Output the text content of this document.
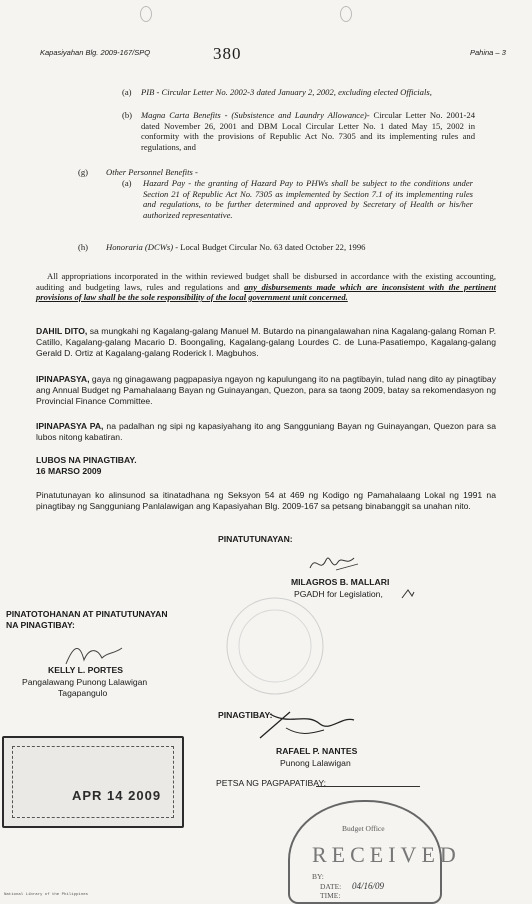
Kapasiyahan Blg. 2009-167/SPQ	380	Pahina – 3
(a) PIB - Circular Letter No. 2002-3 dated January 2, 2002, excluding elected Officials,
(b) Magna Carta Benefits - (Subsistence and Laundry Allowance)- Circular Letter No. 2001-24 dated November 26, 2001 and DBM Local Circular Letter No. 1 dated May 15, 2002 in conformity with the provisions of Republic Act No. 7305 and its implementing rules and regulations, and
(g) Other Personnel Benefits -
(a) Hazard Pay - the granting of Hazard Pay to PHWs shall be subject to the conditions under Section 21 of Republic Act No. 7305 as implemented by Section 7.1 of its implementing rules and regulations, to be further determined and approved by Secretary of Health or his/her authorized representative.
(h) Honoraria (DCWs) - Local Budget Circular No. 63 dated October 22, 1996
All appropriations incorporated in the within reviewed budget shall be disbursed in accordance with the existing accounting, auditing and budgeting laws, rules and regulations and any disbursements made which are inconsistent with the pertinent provisions of law shall be the sole responsibility of the local government unit concerned.
DAHIL DITO, sa mungkahi ng Kagalang-galang Manuel M. Butardo na pinangalawahan nina Kagalang-galang Roman P. Catillo, Kagalang-galang Macario D. Boongaling, Kagalang-galang Lourdes C. de Luna-Pasatiempo, Kagalang-galang Gerald D. Ortiz at Kagalang-galang Roderick I. Magbuhos.
IPINAPASYA, gaya ng ginagawang pagpapasiya ngayon ng kapulungang ito na pagtibayin, tulad nang dito ay pinagtibay ang Annual Budget ng Pamahalaang Bayan ng Guinayangan, Quezon, para sa taong 2009, batay sa rekomendasyon ng Provincial Finance Committee.
IPINAPASYA PA, na padalhan ng sipi ng kapasiyahang ito ang Sangguniang Bayan ng Guinayangan, Quezon para sa lubos nitong kabatiran.
LUBOS NA PINAGTIBAY.
16 MARSO 2009
Pinatutunayan ko alinsunod sa itinatadhana ng Seksyon 54 at 469 ng Kodigo ng Pamahalaang Lokal ng 1991 na pinagtibay ng Sangguniang Panlalawigan ang Kapasiyahan Blg. 2009-167 sa petsang binabanggit sa unahan nito.
PINATUTUNAYAN:
MILAGROS B. MALLARI
PGADH for Legislation,
PINATOTOHANAN AT PINATUTUNAYAN
NA PINAGTIBAY:
KELLY L. PORTES
Pangalawang Punong Lalawigan
Tagapangulo
PINAGTIBAY:
RAFAEL P. NANTES
Punong Lalawigan
PETSA NG PAGPAPATIBAY:
APR 14 2009
Budget Office
RECEIVED
BY:
DATE: 04/16/09
TIME:
National Library of the Philippines
